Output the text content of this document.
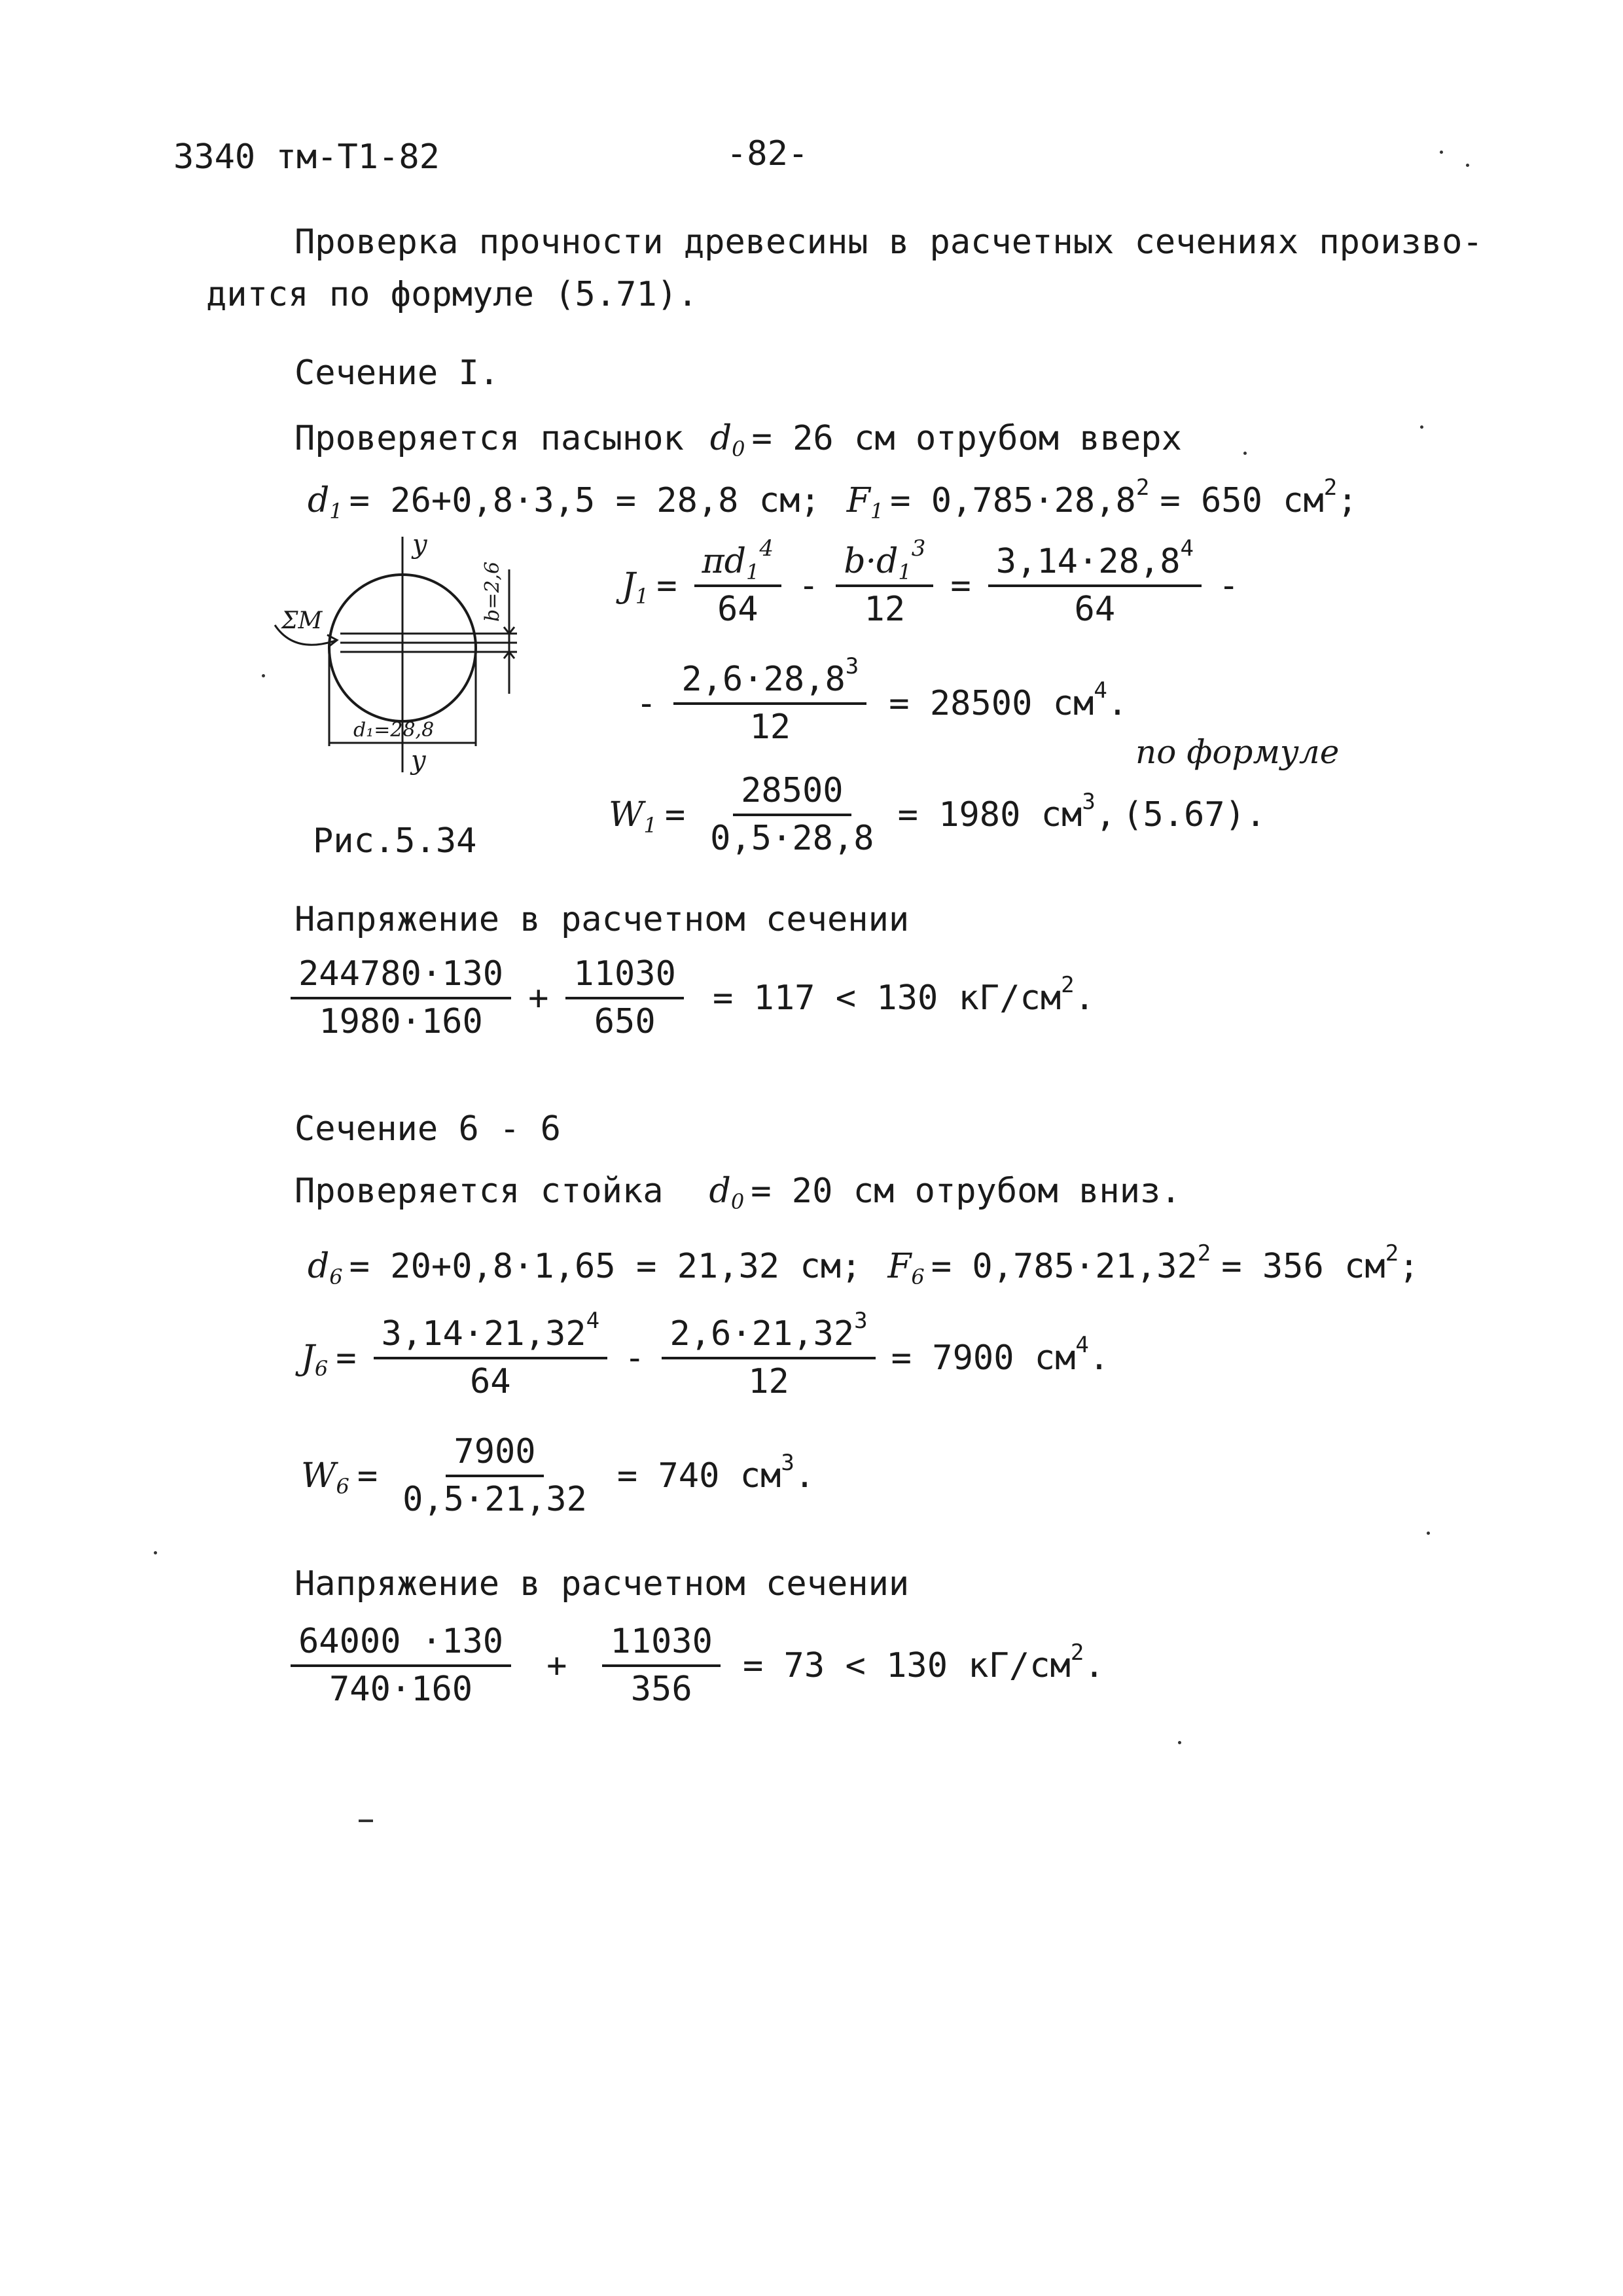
3340 тм-Т1-82	-82-
Проверка прочности древесины в расчетных сечениях произво-
дится по формуле (5.71).
Сечение I.
Проверяется пасынок $d_0 = 26$ см отрубом вверх
$d_1 = 26+0,8\cdot 3,5 = 28,8$ см; $F_1 = 0,785\cdot 28,8^2 = 650$ $см^2$;
y
ΣM	b=2,6
d₁=28,8
y
Рис.5.34
$J_1 = \frac{\pi d_1^4}{64} - \frac{b\cdot d_1^3}{12} = \frac{3,14\cdot 28,8^4}{64}$ -
- $\frac{2,6\cdot 28,8^3}{12} = 28500$ $см^4$.
по формуле
$W_1 = \frac{28500}{0,5\cdot 28,8} = 1980$ $см^3$, (5.67).
Напряжение в расчетном сечении
$\frac{244780\cdot 130}{1980\cdot 160} + \frac{11030}{650} = 117 < 130$ $кГ/см^2$.
Сечение 6 - 6
Проверяется стойка $d_0 = 20$ см отрубом вниз.
$d_6 = 20+0,8\cdot 1,65 = 21,32$ см; $F_6 = 0,785\cdot 21,32^2 = 356$ $см^2$;
$J_6 = \frac{3,14\cdot 21,32^4}{64} - \frac{2,6\cdot 21,32^3}{12} = 7900$ $см^4$.
$W_6 = \frac{7900}{0,5\cdot 21,32} = 740$ $см^3$.
Напряжение в расчетном сечении
$\frac{64000 \cdot 130}{740\cdot 160} + \frac{11030}{356} = 73 < 130$ $кГ/см^2$.
